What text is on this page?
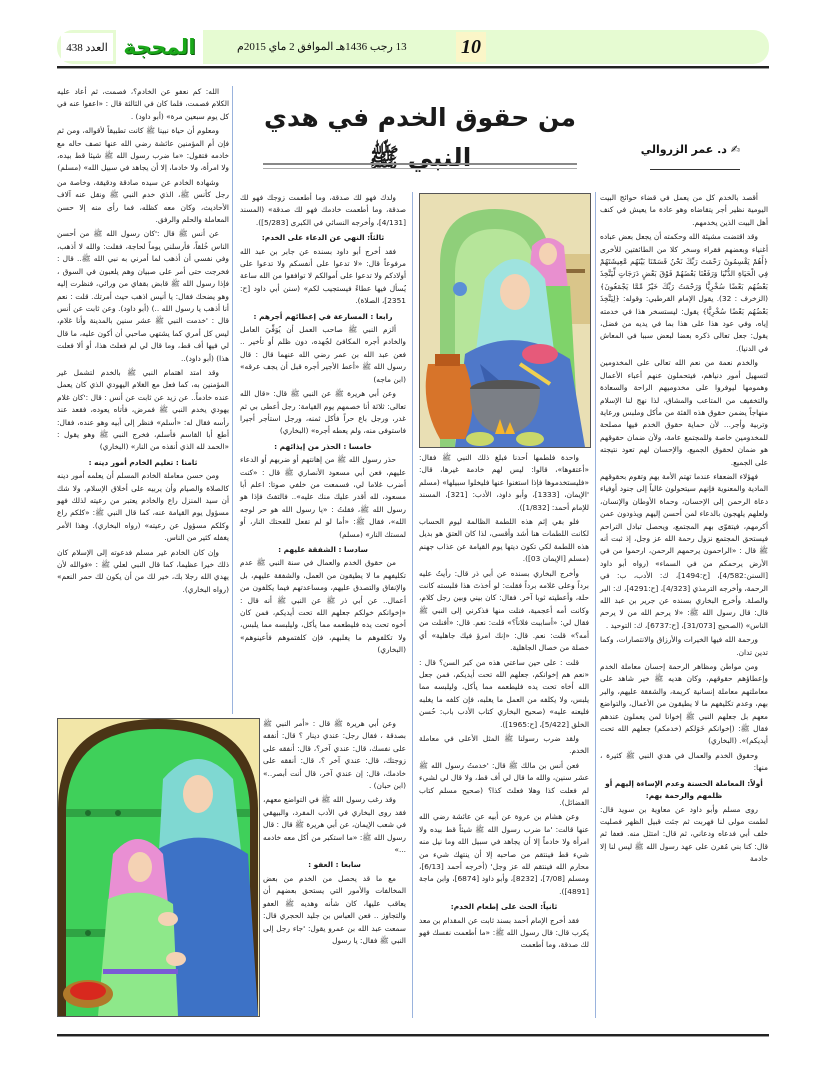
العدد 438 المحجة	13 رجب 1436هـ الموافق 2 ماي 2015م	10
من حقوق الخدم في هدي النبي ﷺ	✍ د. عمر الزروالي

أقصد بالخدم كل من يعمل في قضاء حوائج البيت اليومية نظير أجر يتقاضاه وهو عادة ما يعيش في كنف أهل البيت الذين يخدمهم.

وقد اقتضت مشيئة الله وحكمته أن يجعل بعض عباده أغنياء وبعضهم فقراء وسخر كلا من الطائفتين للأخرى ﴿أَهُمْ يَقْسِمُونَ رَحْمَتَ رَبِّكَ نَحْنُ قَسَمْنَا بَيْنَهُم مَّعِيشَتَهُمْ فِي الْحَيَاةِ الدُّنْيَا وَرَفَعْنَا بَعْضَهُمْ فَوْقَ بَعْضٍ دَرَجَاتٍ لِّيَتَّخِذَ بَعْضُهُم بَعْضًا سُخْرِيًّا وَرَحْمَتُ رَبِّكَ خَيْرٌ مِّمَّا يَجْمَعُونَ﴾ (الزخرف : 32). يقول الإمام القرطبي: وقوله: ﴿لِيَتَّخِذَ بَعْضُهُم بَعْضًا سُخْرِيًّا﴾ يقول: ليستسخر هذا في خدمته إياه، وفي عود هذا على هذا بما في يديه من فضل، يقول: جعل تعالى ذكره بعضا لبعض سببا في المعاش في الدنيا).

والخدم نعمة من نعم الله تعالى على المخدومين لتسهيل أمور دنياهم، فيتحملون عنهم أعباء الأعمال وهمومها ليوفروا على مخدوميهم الراحة والسعادة والتخفيف من المتاعب والمشاق، لذا نهج لنا الإسلام منهاجاً يضمن حقوق هذه الفئة من مأكل وملبس ورعاية وتربية وأجر... لأن حماية حقوق الخدم فيها مصلحة للمخدومين خاصة وللمجتمع عامة، ولأن ضمان حقوقهم هو ضمان لحقوق الجميع، والإحسان لهم تعود نتيجته على الجميع.

فهؤلاء الضعفاء عندما تهتم الأمة بهم وتقوم بحقوقهم المادية والمعنوية فإنهم سيتحولون غالباً إلى جنود أوفياء دعاة الرحمن إلى الإحسان، وحماة الأوطان والإنسان، ولعلهم يلهجون بالدعاء لمن أحسن إليهم ويذودون عمن أكرمهم، فيتقوّى بهم المجتمع، ويحصل تبادل التراحم فيستحق المجتمع نزول رحمة الله عز وجل، إذ ثبت أنه ﷺ قال : «الراحمون يرحمهم الرحمن، ارحموا من في الأرض يرحمكم من في السماء» (رواه أبو داود [السنن:4/582]، [ح:1494]، ك: الأدب، ب: في الرحمة، وأخرجه الترمذي [4/323]، [ح:4291]، ك: البر والصلة. وأخرج البخاري بسنده عن جرير بن عبد الله قال: قال رسول الله ﷺ: «لا يرحم الله من لا يرحم الناس» (الصحيح [31/073]، [ح:6737]، ك: التوحيد .

ورحمة الله فيها الخيرات والأرزاق والانتصارات، وكما تدين تدان.

ومن مواطن ومظاهر الرحمة إحسان معاملة الخدم وإعطاؤهم حقوقهم، وكان هديه ﷺ خير شاهد على معاملتهم معاملة إنسانية كريمة، والشفقة عليهم، والبر بهم، وعدم تكليفهم ما لا يطيقون من الأعمال، والتواضع معهم بل جعلهم النبي ﷺ إخوانا لمن يعملون عندهم فقال ﷺ: (إخوانكم خَوَلكم (خدمكم) جعلهم الله تحت أيديكم)». (البخاري)

وحقوق الخدم والعمال في هدي النبي ﷺ كثيرة ، منها:

أولاً: المعاملة الحسنة وعدم الإساءة إليهم أو ظلمهم والرحمة بهم:

روى مسلم وأبو داود عن معاوية بن سويد قال: لطمت مولى لنا فهربت ثم جئت قبيل الظهر فصليت خلف أبي فدعاه ودعاني، ثم قال: امتثل منه. فعفا ثم قال: كنا بني مُقرن على عهد رسول الله ﷺ ليس لنا إلا خادمة

واحدة فلطمها أحدنا فبلغ ذلك النبي ﷺ فقال: «أعتقوها»، قالوا: ليس لهم خادمة غيرها، قال: «فليستخدموها فإذا استغنوا عنها فليخلوا سبيلها» (مسلم 'الإيمان، [1333]، وأبو داود، الأدب: [321]، المسند للإمام أحمد: [1/832]).

فلو بقي إثم هذه اللطمة الظالمة ليوم الحساب لكانت اللطمات هنا أشد وأقسى، لذا كان العتق هو بديل هذه اللطمة لكي تكون ديتها يوم القيامة عن عذاب جهنم (مسلم [الإيمان 03]).

وأخرج البخاري بسنده عن أبي ذر قال: رأيتُ عليه برداً وعلى غلامه برداً فقلت: لو أخذتَ هذا فلبسته كانت حلة، وأعطيته ثوبا آخر. فقال: كان بيني وبين رجل كلام، وكانت أمه أعجمية، فنلت منها فذكرني إلى النبي ﷺ فقال لي: «أساببت فلاناً؟» قلت: نعم. قال: «أفنلت من أمه؟» قلت: نعم. قال: «إنك امرؤ فيك جاهلية» أي خصلة من خصال الجاهلية.

قلت : على حين ساعتي هذه من كبر السن؟ قال : «نعم هم إخوانكم، جعلهم الله تحت أيديكم، فمن جعل الله أخاه تحت يده فليطعمه مما يأكل، وليلبسه مما يلبس، ولا يكلفه من العمل ما يغلبه، فإن كلفه ما يغلبه فليعنه عليه» (صحيح البخاري كتاب الأدب باب: حُسن الخلق [5/422]، [ح:1965]).

ولقد ضرب رسولنا ﷺ المثل الأعلى في معاملة الخدم.

فعن أنس بن مالك ﷺ قال: 'خدمتُ رسول الله ﷺ عشر سنين، والله ما قال لي أف قط، ولا قال لي لشيء لم فعلت كذا وهلا فعلتَ كذا؟ (صحيح مسلم كتاب الفضائل).

وعن هشام بن عروة عن أبيه عن عائشة رضي الله عنها قالت: 'ما ضرب رسول الله ﷺ شيئاً قط بيده ولا امرأة ولا خادماً إلا أن يجاهد في سبيل الله وما نيل منه شيء قط فينتقم من صاحبه إلا أن ينتهك شيء من محارم الله فينتقم لله عز وجل' (أخرجه أحمد [6/13]، ومسلم [7/08]، [8232]، وأبو داود [6874]، وابن ماجة [4891]).

ثانياً: الحث على إطعام الخدم:

فقد أخرج الإمام أحمد بسند ثابت عن المقدام بن معد يكرب قال: قال رسول الله ﷺ: «ما أطعمت نفسك فهو لك صدقة، وما أطعمت

ولدك فهو لك صدقة، وما أطعمت زوجك فهو لك صدقة، وما أطعمت خادمك فهو لك صدقة» (المسند [4/131]، وأخرجه النسائي في الكبرى [5/283]).

ثالثاً: النهي عن الدعاء على الخدم:

فقد أخرج أبو داود بسنده عن جابر بن عبد الله مرفوعاً قال: «لا تدعوا على أنفسكم ولا تدعوا على أولادكم ولا تدعوا على أموالكم لا توافقوا من الله ساعة يُسأل فيها عطاءً فيستجيب لكم» (سنن أبي داود [ح: 2351]، الصلاة).

رابعا : المسارعة في إعطائهم أجرهم :

ألزم النبي ﷺ صاحب العمل أن يُوَفِّيَ العامل والخادم أجره المكافئ لجُهده، دون ظلم أو تأخير .. فعن عبد الله بن عمر رضي الله عنهما قال : قال رسول الله ﷺ «أعط الأجير أجره قبل أن يجف عرقه» (ابن ماجه)

وعن أبي هريرة ﷺ عن النبي ﷺ قال: «قال الله تعالى: ثلاثة أنا خصمهم يوم القيامة: رجل أعطى بي ثم غدر، ورجل باع حراً فأكل ثمنه، ورجل استأجر أجيرا فاستوفى منه، ولم يعطه أجره» (البخاري)

خامسا : الحذر من إيذائهم :

حذر رسول الله ﷺ من إهانتهم أو ضربهم أو الدعاء عليهم، فعن أبي مسعود الأنصاري ﷺ قال : «كنت أضرب غلاما لي، فسمعت من خلفي صوتا: اعلم أبا مسعود، لله أقدر عليك منك عليه».. فالتفتُ فإذا هو رسول الله ﷺ، فقلتُ : «يا رسول الله هو حر لوجه الله»، فقال ﷺ: «أما لو لم تفعل للفحتك النار، أو لمستك النار» (مسلم)

سادسا : الشفقة عليهم :

من حقوق الخدم والعمال في سنة النبي ﷺ عدم تكليفهم ما لا يطيقون من العمل، والشفقة عليهم، بل والإنفاق والتصدق عليهم، ومساعدتهم فيما يكلفون من أعمال.. عن أبي ذر ﷺ عن النبي ﷺ أنه قال : «إخوانكم خولكم جعلهم الله تحت أيديكم، فمن كان أخوه تحت يده فليطعمه مما يأكل، وليلبسه مما يلبس، ولا تكلفوهم ما يغلبهم، فإن كلفتموهم فأعينوهم» (البخاري)

وعن أبي هريرة ﷺ قال : «أمر النبي ﷺ بصدقة ، فقال رجل: عندي دينار ؟ قال: أنفقه على نفسك، قال: عندي آخر؟، قال: أنفقه على زوجتك، قال: عندي آخر ؟، قال: أنفقه على خادمك، قال: إن عندي آخر، قال أنت أبصر..» (ابن حبان) .

وقد رغب رسول الله ﷺ في التواضع معهم، فقد روى البخاري في الأدب المفرد، والبيهقي في شعب الإيمان، عن أبي هريرة ﷺ قال : قال رسول الله ﷺ: «ما استكبر من أكل معه خادمه ...»

سابعا : العفو :

مع ما قد يحصل من الخدم من بعض المخالفات والأمور التي يستحق بعضهم أن يعاقب عليها، كان شأنه وهديه ﷺ العفو والتجاوز .. فعن العباس بن جليد الحجري قال: سمعت عبد الله بن عمرو يقول: 'جاء رجل إلى النبي ﷺ فقال: يا رسول

الله: كم نعفو عن الخادم؟، فصمت، ثم أعاد عليه الكلام فصمت، فلما كان في الثالثة قال : «اعفوا عنه في كل يوم سبعين مرة» (أبو داود) .

ومعلوم أن حياة نبينا ﷺ كانت تطبيقاً لأقواله، ومن ثم فإن أم المؤمنين عائشة رضي الله عنها تصف حاله مع خادمه فتقول: «ما ضرب رسول الله ﷺ شيئا قط بيده، ولا امرأة، ولا خادما، إلا أن يجاهد في سبيل الله» (مسلم)

وشهادة الخادم عن سيده صادقة ودقيقة، وخاصة من رجل كأنس ﷺ، الذي خدم النبي ﷺ ونقل عنه آلاف الأحاديث، وكان معه كظله، فما رأى منه إلا حسن المعاملة والحلم والرفق.

عن أنس ﷺ قال :'كان رسول الله ﷺ من أحسن الناس خُلقاً، فأرسلني يوماً لحاجة، فقلت: والله لا أذهب، وفي نفسي أن أذهب لما أمرني به نبي الله ﷺ.. قال : فخرجت حتى أمر على صبيان وهم يلعبون في السوق ، فإذا رسول الله ﷺ قابض بقفاي من ورائي، فنظرت إليه وهو يضحك فقال: يا أنيس اذهب حيث أمرتك. قلت : نعم أنا أذهب يا رسول الله ..) (أبو داود). وعن ثابت عن أنس قال : 'خدمت النبي ﷺ عشر سنين بالمدينة وأنا غلام، ليس كل أمري كما يشتهي صاحبي أن أكون عليه، ما قال لي فيها أف قط، وما قال لي لم فعلتَ هذا، أو ألا فعلت هذا) (أبو داود)..

وقد امتد اهتمام النبي ﷺ بالخدم لتشمل غير المؤمنين به، كما فعل مع الغلام اليهودي الذي كان يعمل عنده خادماً.. عن زيد عن ثابت عن أنس : قال :'كان غلام يهودي يخدم النبي ﷺ فمرض، فأتاه يعوده، فقعد عند رأسه فقال له: «أسلم» فنظر إلى أبيه وهو عنده، فقال: أطع أبا القاسم فأسلم، فخرج النبي ﷺ وهو يقول : «الحمد لله الذي أنقذه من النار» (البخاري)

ثامنا : تعليم الخادم أمور دينه :

ومن حسن معاملة الخادم المسلم أن يعلمه أمور دينه كالصلاة والصيام وأن يربيه على أخلاق الإسلام، ولا شك أن سيد المنزل راع والخادم يعتبر من رعيته لذلك فهو مسؤول يوم القيامة عنه، كما قال النبي ﷺ: «كلكم راع وكلكم مسؤول عن رعيته» (رواه البخاري). وهذا الأمر يغفله كثير من الناس.

وإن كان الخادم غير مسلم فدعوته إلى الإسلام كان ذلك خيرا عظيما، كما قال النبي لعلي ﷺ : «فوالله لأن يهدي الله رجلا بك، خير لك من أن يكون لك حمر النعم» (رواه البخاري).
